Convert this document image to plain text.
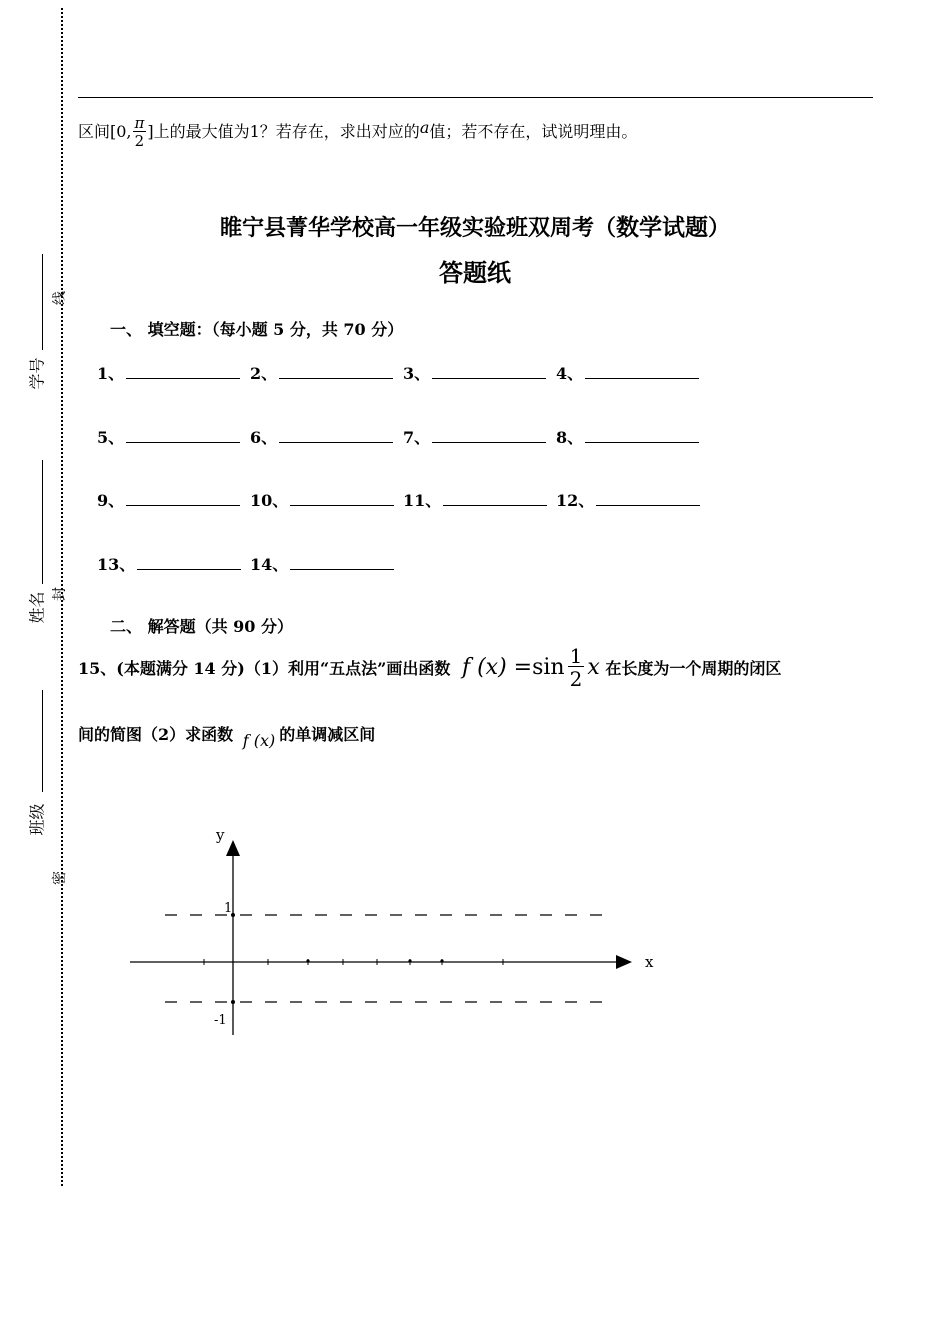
学号
姓名
班级
线
封
密
区间[0, $\frac{\pi}{2}$ ]上的最大值为1？若存在，求出对应的a值；若不存在，试说明理由。
睢宁县菁华学校高一年级实验班双周考（数学试题）
答题纸
一、 填空题：（每小题 5 分，共 70 分）
1、	2、	3、	4、
5、	6、	7、	8、
9、	10、	11、	12、
13、	14、
二、 解答题（共 90 分）
15、(本题满分 14 分)（1）利用“五点法”画出函数 f $(x) =\sin \frac{1}{2}$ x 在长度为一个周期的闭区
间的简图（2）求函数 f (x) 的单调减区间
y
x
1
-1
